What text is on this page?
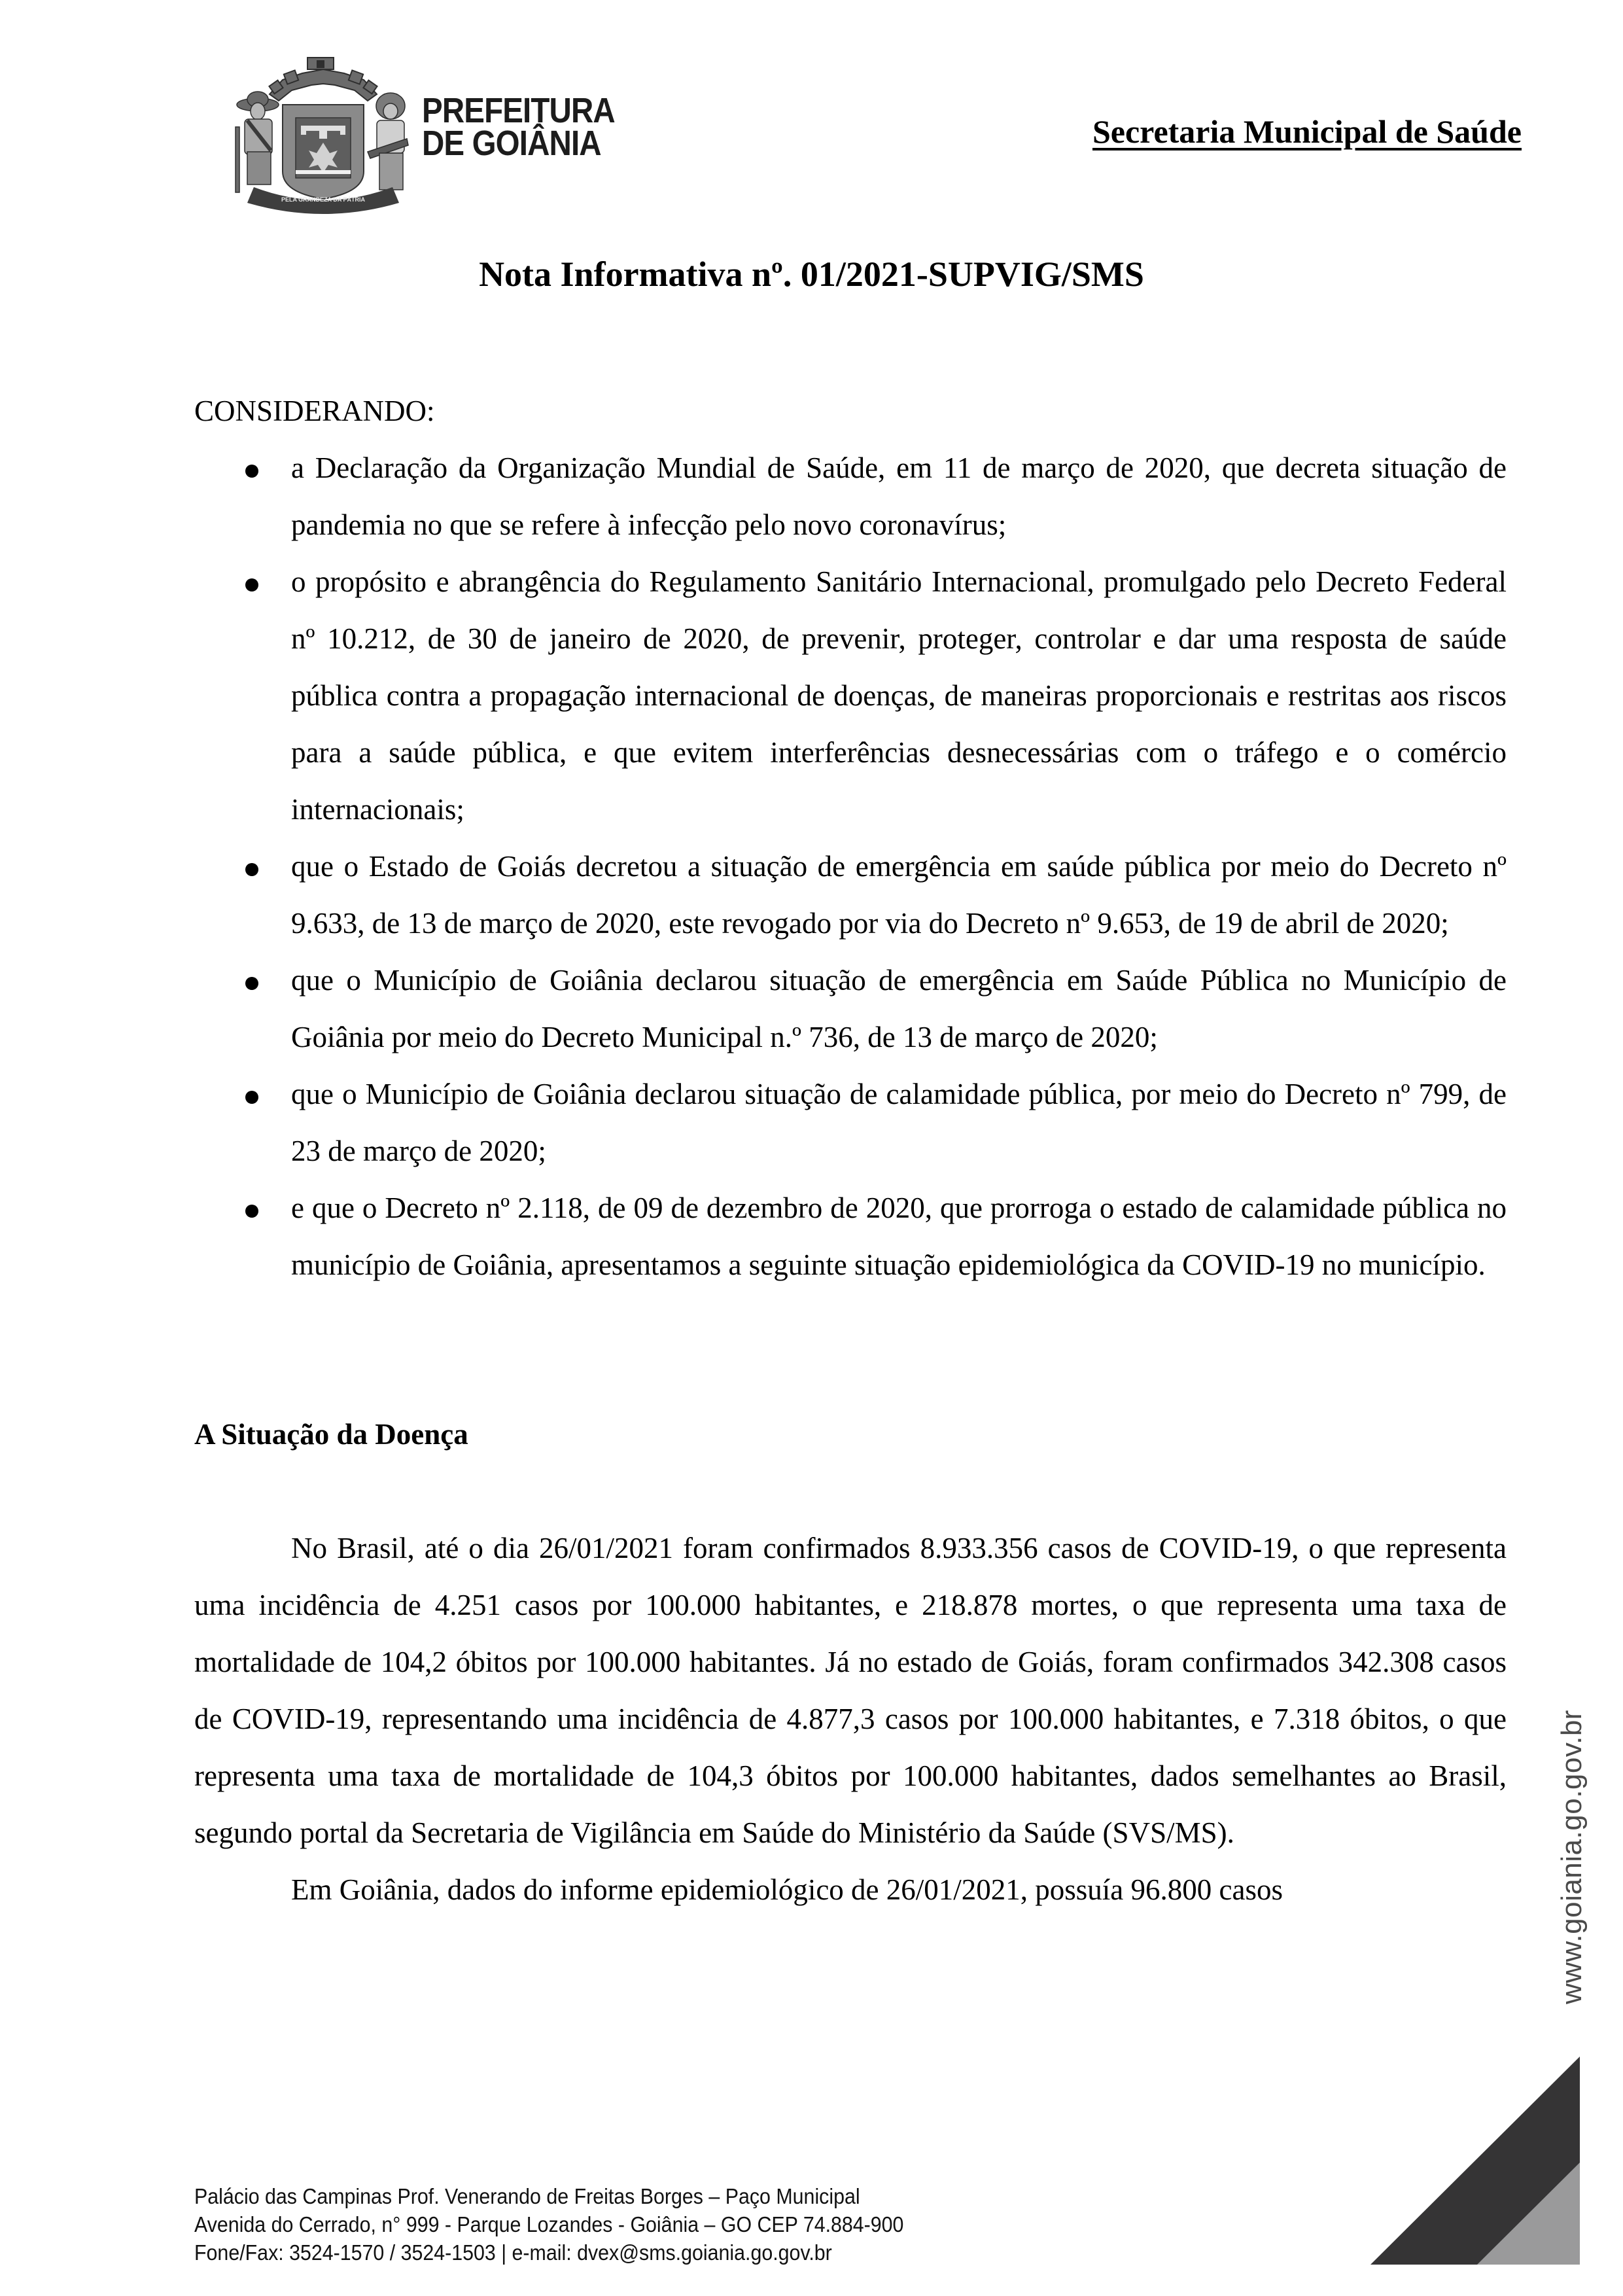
PELA GRANDEZA DA PÁTRIA
PREFEITURA
DE GOIÂNIA	Secretaria Municipal de Saúde
Nota Informativa nº. 01/2021-SUPVIG/SMS
CONSIDERANDO:
a Declaração da Organização Mundial de Saúde, em 11 de março de 2020, que decreta situação de pandemia no que se refere à infecção pelo novo coronavírus;
o propósito e abrangência do Regulamento Sanitário Internacional, promulgado pelo Decreto Federal nº 10.212, de 30 de janeiro de 2020, de prevenir, proteger, controlar e dar uma resposta de saúde pública contra a propagação internacional de doenças, de maneiras proporcionais e restritas aos riscos para a saúde pública, e que evitem interferências desnecessárias com o tráfego e o comércio internacionais;
que o Estado de Goiás decretou a situação de emergência em saúde pública por meio do Decreto nº 9.633, de 13 de março de 2020, este revogado por via do Decreto nº 9.653, de 19 de abril de 2020;
que o Município de Goiânia declarou situação de emergência em Saúde Pública no Município de Goiânia por meio do Decreto Municipal n.º 736, de 13 de março de 2020;
que o Município de Goiânia declarou situação de calamidade pública, por meio do Decreto nº 799, de 23 de março de 2020;
e que o Decreto nº 2.118, de 09 de dezembro de 2020, que prorroga o estado de calamidade pública no município de Goiânia, apresentamos a seguinte situação epidemiológica da COVID-19 no município.
A Situação da Doença
No Brasil, até o dia 26/01/2021 foram confirmados 8.933.356 casos de COVID-19, o que representa uma incidência de 4.251 casos por 100.000 habitantes, e 218.878 mortes, o que representa uma taxa de mortalidade de 104,2 óbitos por 100.000 habitantes. Já no estado de Goiás, foram confirmados 342.308 casos de COVID-19, representando uma incidência de 4.877,3 casos por 100.000 habitantes, e 7.318 óbitos, o que representa uma taxa de mortalidade de 104,3 óbitos por 100.000 habitantes, dados semelhantes ao Brasil, segundo portal da Secretaria de Vigilância em Saúde do Ministério da Saúde (SVS/MS).
Em Goiânia, dados do informe epidemiológico de 26/01/2021, possuía 96.800 casos	www.goiania.go.gov.br
Palácio das Campinas Prof. Venerando de Freitas Borges – Paço Municipal
Avenida do Cerrado, n° 999 - Parque Lozandes - Goiânia – GO CEP 74.884-900
Fone/Fax: 3524-1570 / 3524-1503 | e-mail: dvex@sms.goiania.go.gov.br
